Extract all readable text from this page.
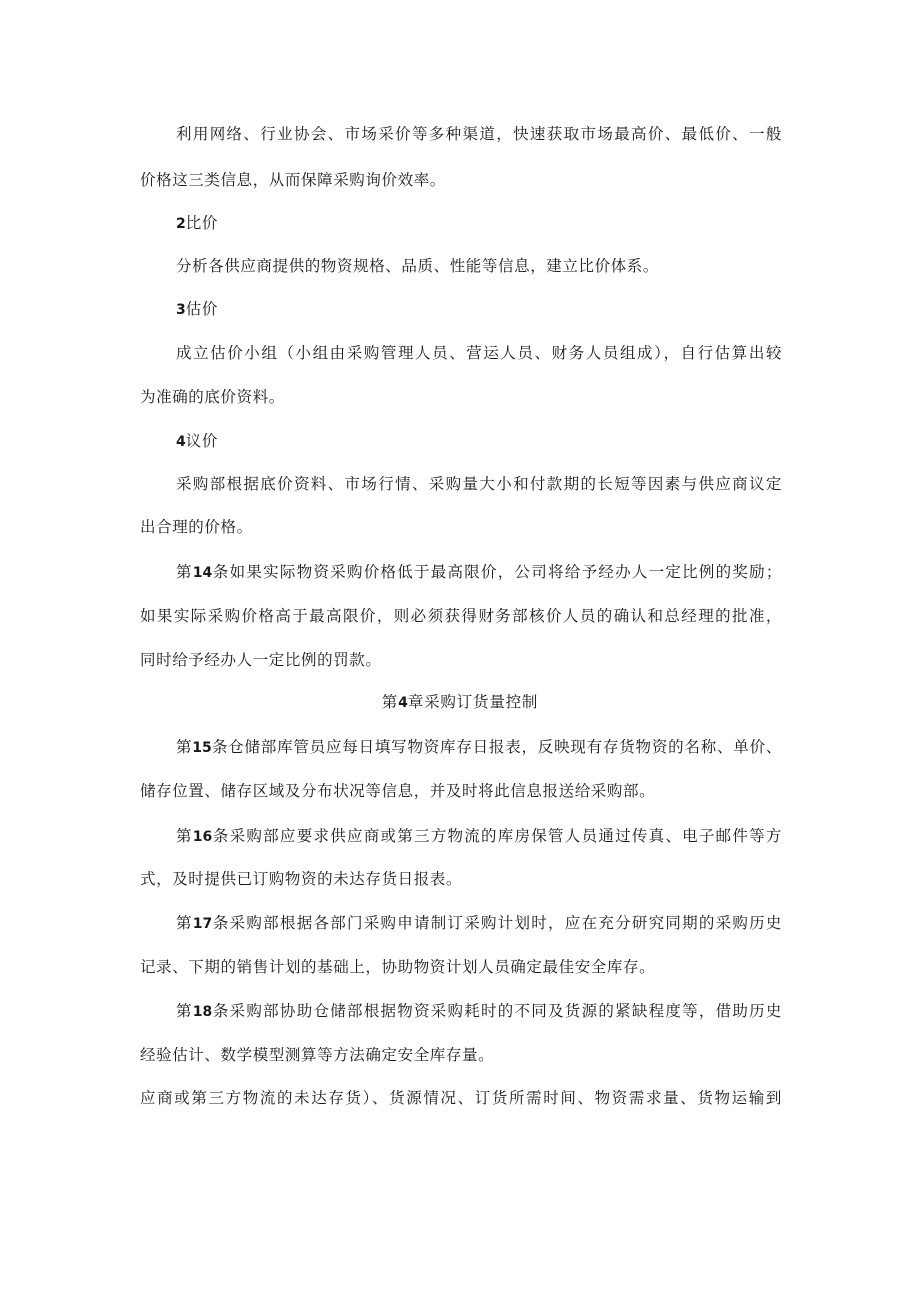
利用网络、行业协会、市场采价等多种渠道，快速获取市场最高价、最低价、一般

价格这三类信息，从而保障采购询价效率。

2比价

分析各供应商提供的物资规格、品质、性能等信息，建立比价体系。

3估价

成立估价小组（小组由采购管理人员、营运人员、财务人员组成），自行估算出较

为准确的底价资料。

4议价

采购部根据底价资料、市场行情、采购量大小和付款期的长短等因素与供应商议定

出合理的价格。

第14条如果实际物资采购价格低于最高限价，公司将给予经办人一定比例的奖励；

如果实际采购价格高于最高限价，则必须获得财务部核价人员的确认和总经理的批准，

同时给予经办人一定比例的罚款。

第4章采购订货量控制

第15条仓储部库管员应每日填写物资库存日报表，反映现有存货物资的名称、单价、

储存位置、储存区域及分布状况等信息，并及时将此信息报送给采购部。

第16条采购部应要求供应商或第三方物流的库房保管人员通过传真、电子邮件等方

式，及时提供已订购物资的未达存货日报表。

第17条采购部根据各部门采购申请制订采购计划时，应在充分研究同期的采购历史

记录、下期的销售计划的基础上，协助物资计划人员确定最佳安全库存。

第18条采购部协助仓储部根据物资采购耗时的不同及货源的紧缺程度等，借助历史

经验估计、数学模型测算等方法确定安全库存量。

应商或第三方物流的未达存货）、货源情况、订货所需时间、物资需求量、货物运输到
